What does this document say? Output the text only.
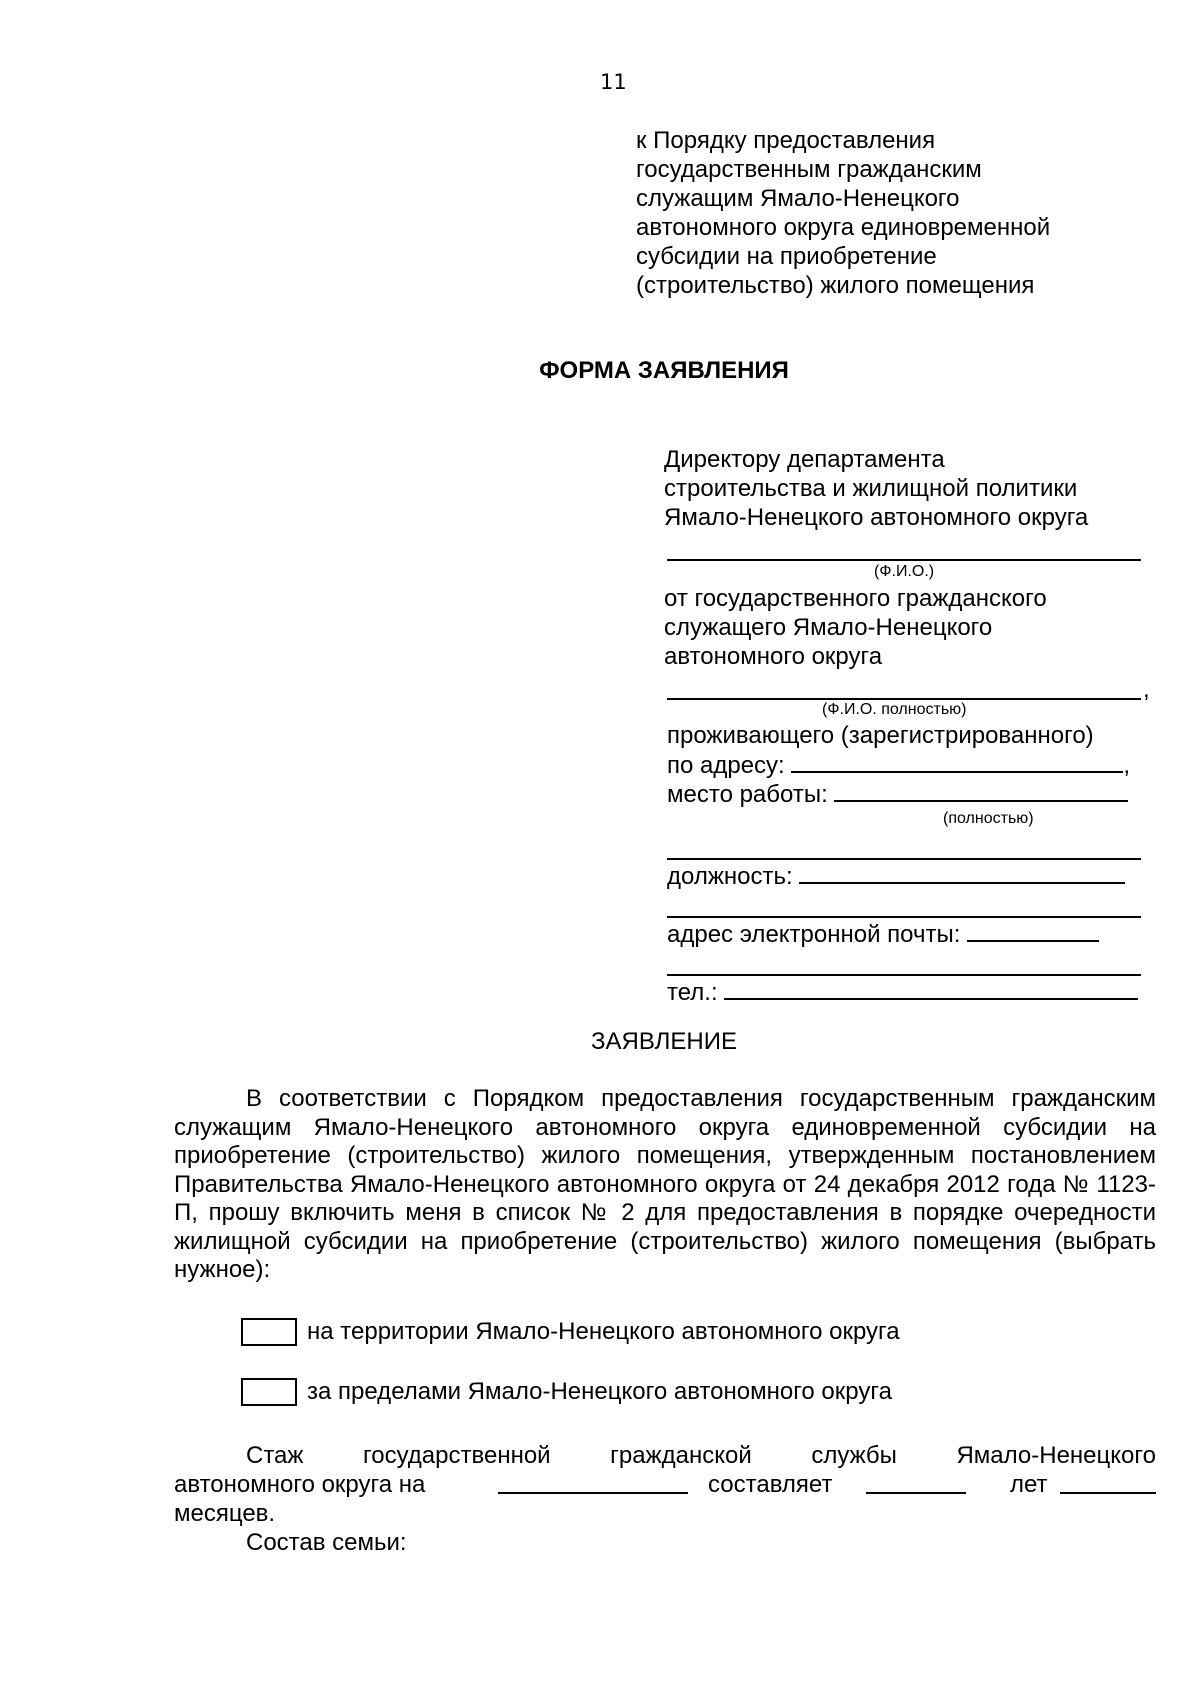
11
к Порядку предоставления
государственным гражданским
служащим Ямало-Ненецкого
автономного округа единовременной
субсидии на приобретение
(строительство) жилого помещения
ФОРМА ЗАЯВЛЕНИЯ
Директору департамента
строительства и жилищной политики
Ямало-Ненецкого автономного округа
(Ф.И.О.)
от государственного гражданского
служащего Ямало-Ненецкого
автономного округа
,
(Ф.И.О. полностью)
проживающего (зарегистрированного)
по адресу:	,
место работы:
(полностью)
должность:
адрес электронной почты:
тел.:
ЗАЯВЛЕНИЕ
В соответствии с Порядком предоставления государственным гражданским служащим Ямало-Ненецкого автономного округа единовременной субсидии на приобретение (строительство) жилого помещения, утвержденным постановлением Правительства Ямало-Ненецкого автономного округа от 24 декабря 2012 года № 1123-П, прошу включить меня в список № 2 для предоставления в порядке очередности жилищной субсидии на приобретение (строительство) жилого помещения (выбрать нужное):
на территории Ямало-Ненецкого автономного округа
за пределами Ямало-Ненецкого автономного округа
Стаж государственной гражданской службы Ямало-Ненецкого
автономного округа на	составляет	лет
месяцев.
Состав семьи:
